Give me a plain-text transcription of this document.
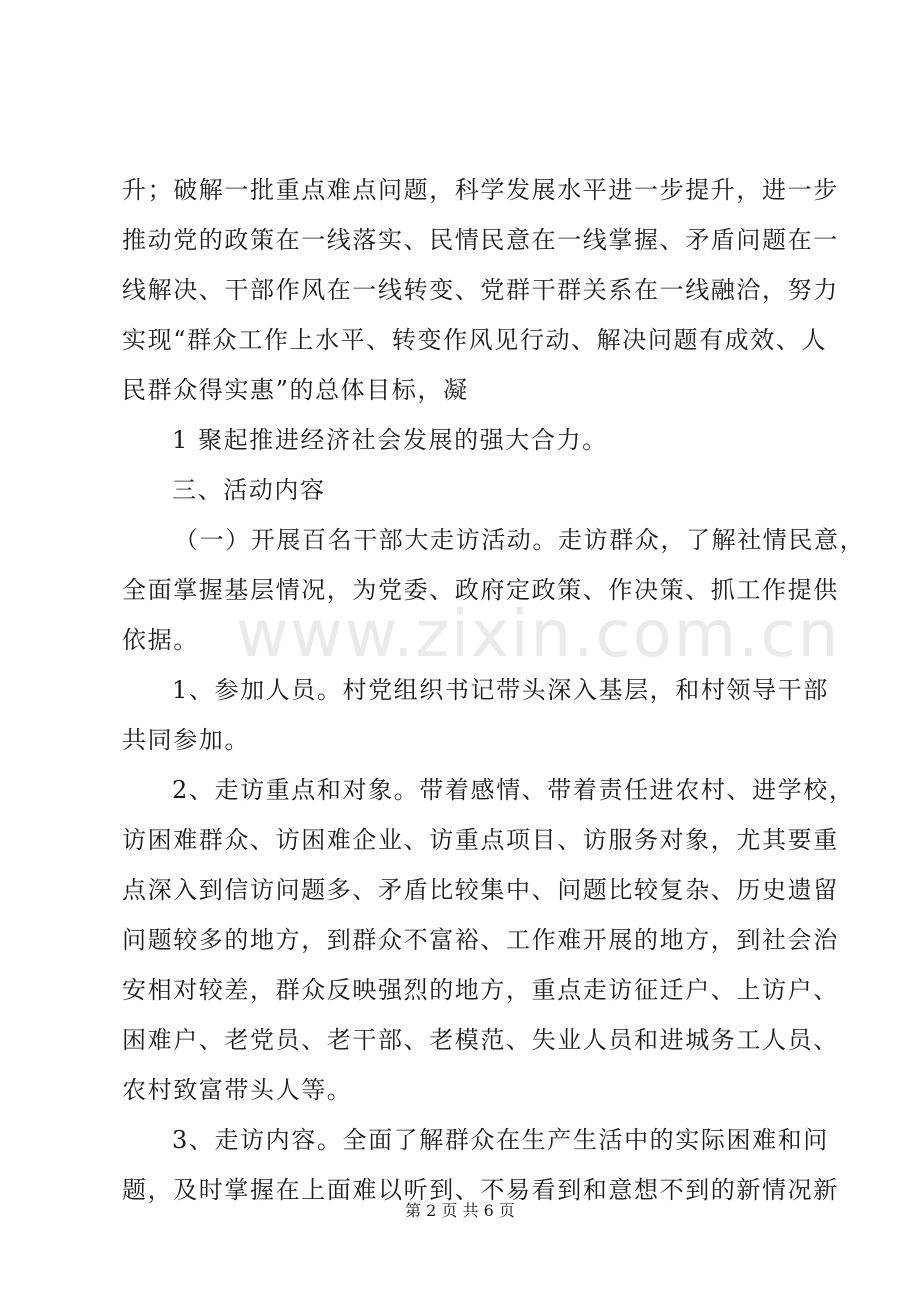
www.zixin.com.cn
升；破解一批重点难点问题，科学发展水平进一步提升，进一步
推动党的政策在一线落实、民情民意在一线掌握、矛盾问题在一
线解决、干部作风在一线转变、党群干群关系在一线融洽，努力
实现“群众工作上水平、转变作风见行动、解决问题有成效、人
民群众得实惠”的总体目标，凝
1 聚起推进经济社会发展的强大合力。
三、活动内容
（一）开展百名干部大走访活动。走访群众，了解社情民意，
全面掌握基层情况，为党委、政府定政策、作决策、抓工作提供
依据。
1、参加人员。村党组织书记带头深入基层，和村领导干部
共同参加。
2、走访重点和对象。带着感情、带着责任进农村、进学校，
访困难群众、访困难企业、访重点项目、访服务对象，尤其要重
点深入到信访问题多、矛盾比较集中、问题比较复杂、历史遗留
问题较多的地方，到群众不富裕、工作难开展的地方，到社会治
安相对较差，群众反映强烈的地方，重点走访征迁户、上访户、
困难户、老党员、老干部、老模范、失业人员和进城务工人员、
农村致富带头人等。
3、走访内容。全面了解群众在生产生活中的实际困难和问
题，及时掌握在上面难以听到、不易看到和意想不到的新情况新
第 2 页 共 6 页
